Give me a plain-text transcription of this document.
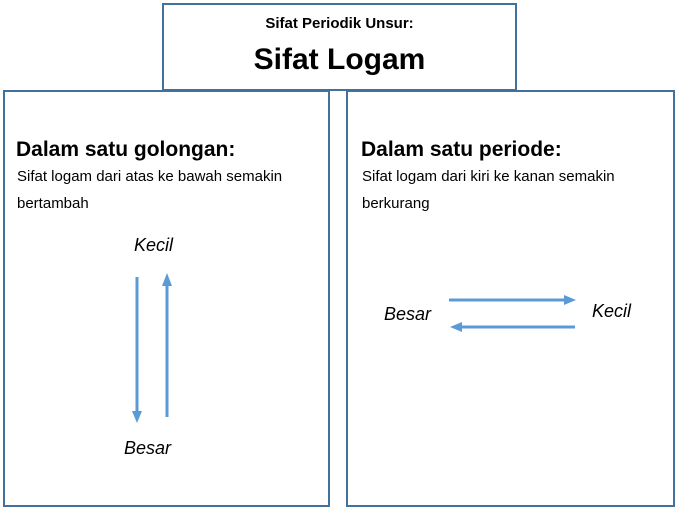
Sifat Periodik Unsur:
Sifat Logam
Dalam satu golongan:
Sifat logam dari atas ke bawah semakin bertambah
Kecil
Besar
Dalam satu periode:
Sifat logam dari kiri ke kanan semakin berkurang
Besar	Kecil
